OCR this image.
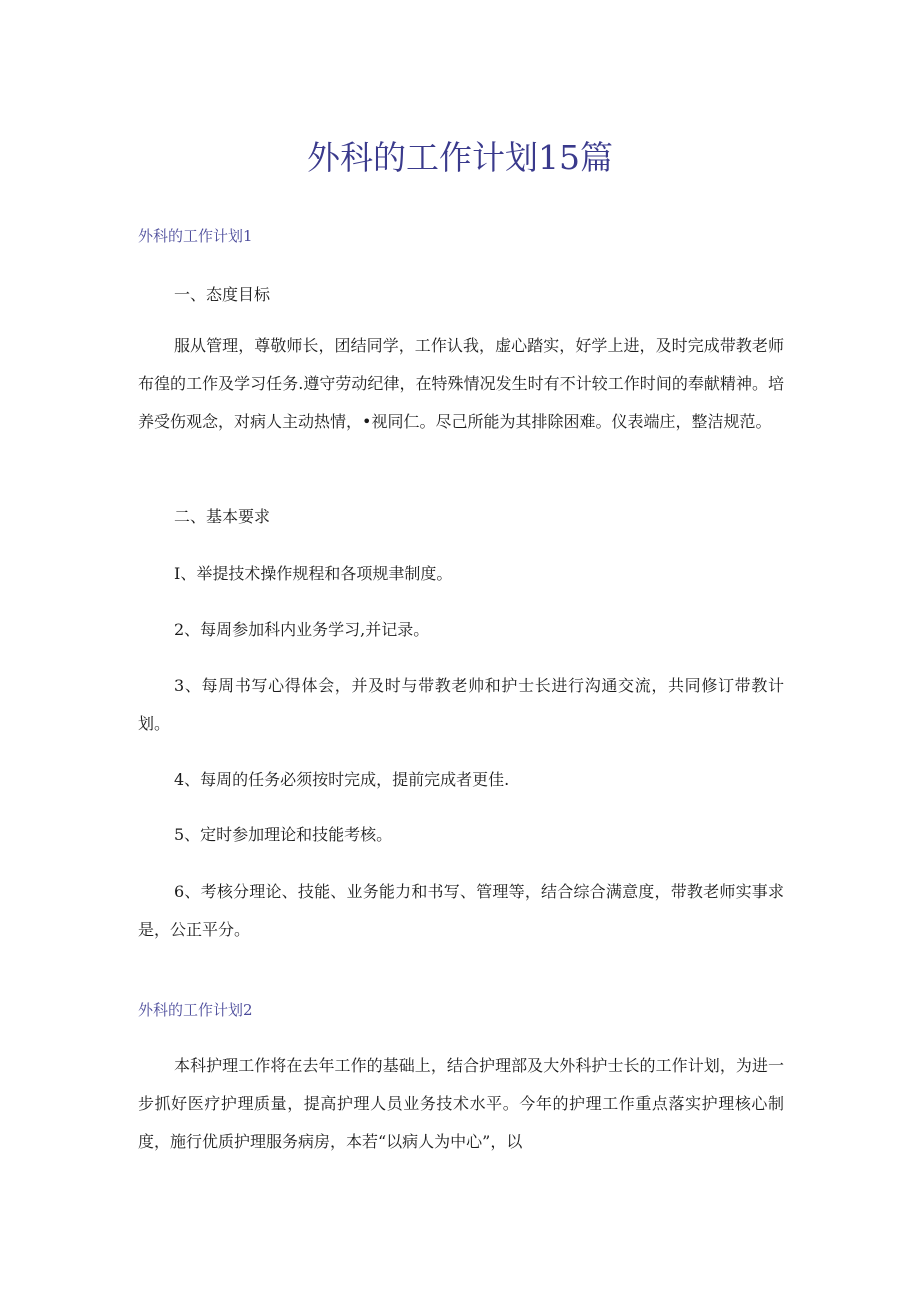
外科的工作计划15篇
外科的工作计划1

一、态度目标

服从管理，尊敬师长，团结同学，工作认我，虚心踏实，好学上进，及时完成带教老师布徨的工作及学习任务.遵守劳动纪律，在特殊情况发生时有不计较工作时间的奉献精神。培养受伤观念，对病人主动热情，•视同仁。尽己所能为其排除困难。仪表端庄，整洁规范。

二、基本要求

I、举提技术操作规程和各项规聿制度。

2、每周参加科内业务学习,并记录。

3、每周书写心得体会，并及时与带教老帅和护士长进行沟通交流，共同修订带教计划。

4、每周的任务必须按时完成，提前完成者更佳.

5、定时参加理论和技能考核。

6、考核分理论、技能、业务能力和书写、管理等，结合综合满意度，带教老师实事求是，公正平分。

外科的工作计划2

本科护理工作将在去年工作的基础上，结合护理部及大外科护士长的工作计划，为进一步抓好医疗护理质量，提高护理人员业务技术水平。今年的护理工作重点落实护理核心制度，施行优质护理服务病房，本若“以病人为中心”，以
